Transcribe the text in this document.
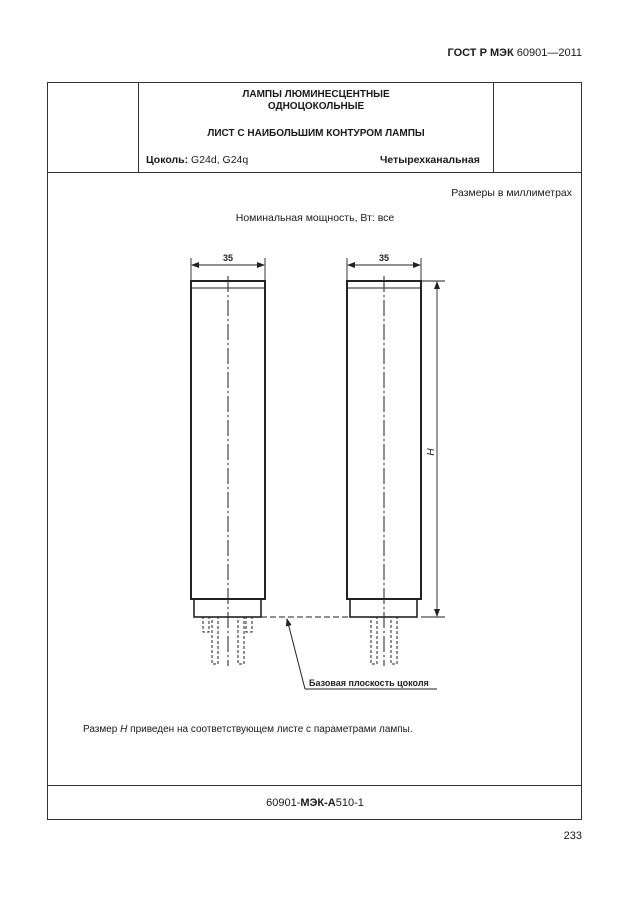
ГОСТ Р МЭК 60901—2011
ЛАМПЫ ЛЮМИНЕСЦЕНТНЫЕ
ОДНОЦОКОЛЬНЫЕ
ЛИСТ С НАИБОЛЬШИМ КОНТУРОМ ЛАМПЫ
Цоколь: G24d, G24q	Четырехканальная
Размеры в миллиметрах
Номинальная мощность, Вт: все
35	35
H
Базовая плоскость цоколя
Размер H приведен на соответствующем листе с параметрами лампы.
60901-МЭК-А510-1
233
